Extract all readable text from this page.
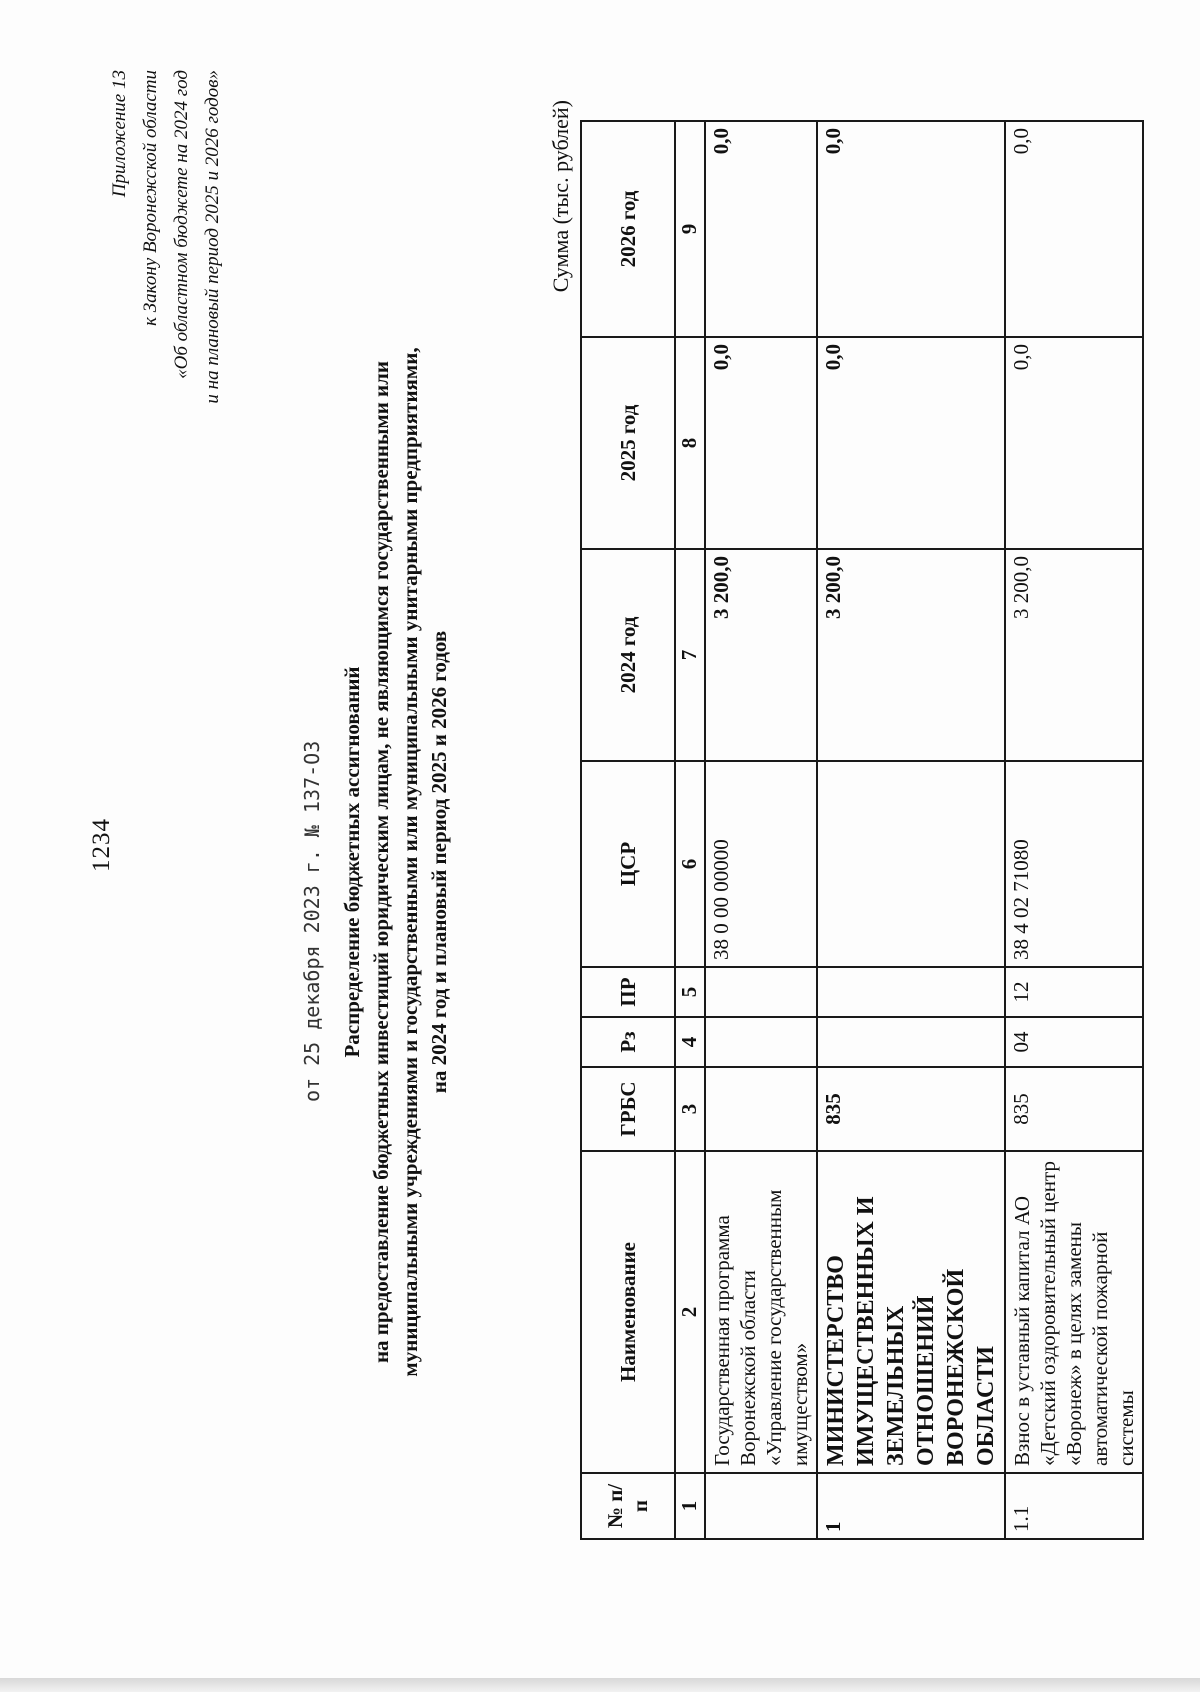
1234
Приложение 13 к Закону Воронежской области «Об областном бюджете на 2024 год и на плановый период 2025 и 2026 годов»
от 25 декабря 2023 г. № 137-ОЗ Распределение бюджетных ассигнований на предоставление бюджетных инвестиций юридическим лицам, не являющимся государственными или муниципальными учреждениями и государственными или муниципальными унитарными предприятиями, на 2024 год и плановый период 2025 и 2026 годов
Сумма (тыс. рублей)
№ п/п	Наименование	ГРБС	Рз	ПР	ЦСР	2024 год	2025 год	2026 год
1	2	3	4	5	6	7	8	9
	Государственная программа Воронежской области «Управление государственным имуществом»				38 0 00 00000	3 200,0	0,0	0,0
1	МИНИСТЕРСТВО ИМУЩЕСТВЕННЫХ И ЗЕМЕЛЬНЫХ ОТНОШЕНИЙ ВОРОНЕЖСКОЙ ОБЛАСТИ	835				3 200,0	0,0	0,0
1.1	Взнос в уставный капитал АО «Детский оздоровительный центр «Воронеж» в целях замены автоматической пожарной системы	835	04	12	38 4 02 71080	3 200,0	0,0	0,0
